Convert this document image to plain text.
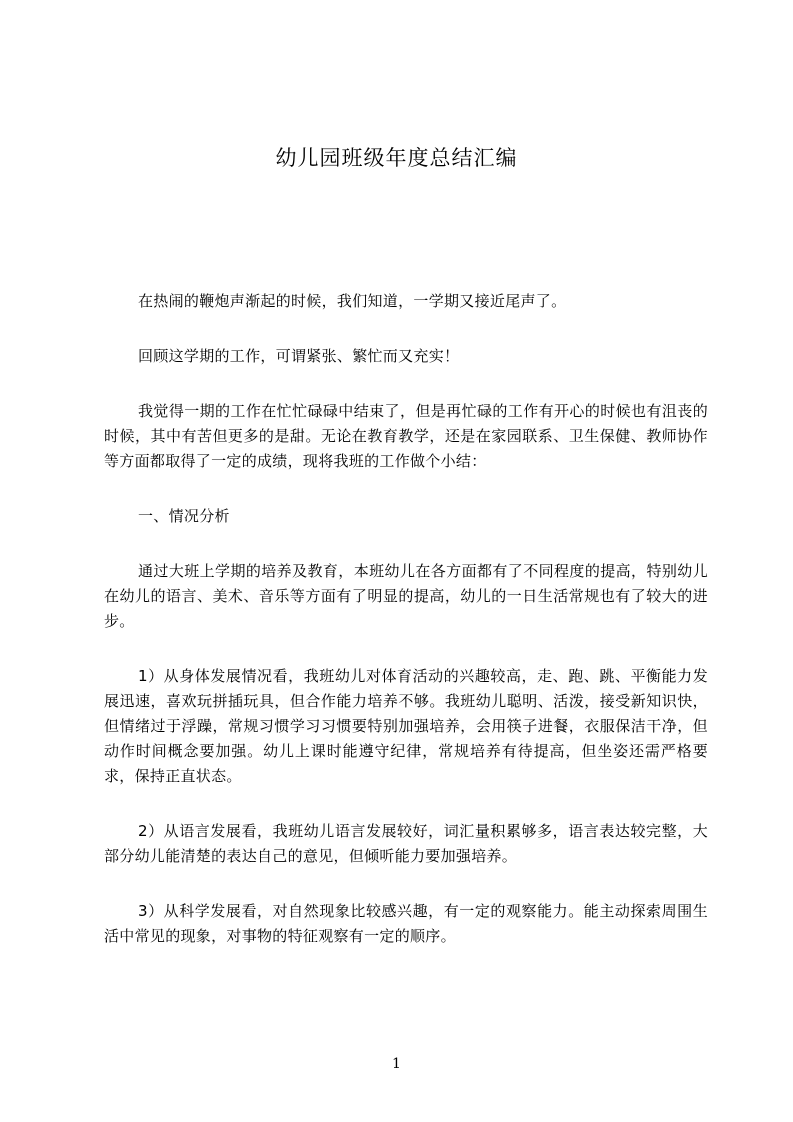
幼儿园班级年度总结汇编

在热闹的鞭炮声渐起的时候，我们知道，一学期又接近尾声了。

回顾这学期的工作，可谓紧张、繁忙而又充实！

我觉得一期的工作在忙忙碌碌中结束了，但是再忙碌的工作有开心的时候也有沮丧的时候，其中有苦但更多的是甜。无论在教育教学，还是在家园联系、卫生保健、教师协作等方面都取得了一定的成绩，现将我班的工作做个小结：

一、情况分析

通过大班上学期的培养及教育，本班幼儿在各方面都有了不同程度的提高，特别幼儿在幼儿的语言、美术、音乐等方面有了明显的提高，幼儿的一日生活常规也有了较大的进步。

1）从身体发展情况看，我班幼儿对体育活动的兴趣较高，走、跑、跳、平衡能力发展迅速，喜欢玩拼插玩具，但合作能力培养不够。我班幼儿聪明、活泼，接受新知识快，但情绪过于浮躁，常规习惯学习习惯要特别加强培养，会用筷子进餐，衣服保洁干净，但动作时间概念要加强。幼儿上课时能遵守纪律，常规培养有待提高，但坐姿还需严格要求，保持正直状态。

2）从语言发展看，我班幼儿语言发展较好，词汇量积累够多，语言表达较完整，大部分幼儿能清楚的表达自己的意见，但倾听能力要加强培养。

3）从科学发展看，对自然现象比较感兴趣，有一定的观察能力。能主动探索周围生活中常见的现象，对事物的特征观察有一定的顺序。

1
